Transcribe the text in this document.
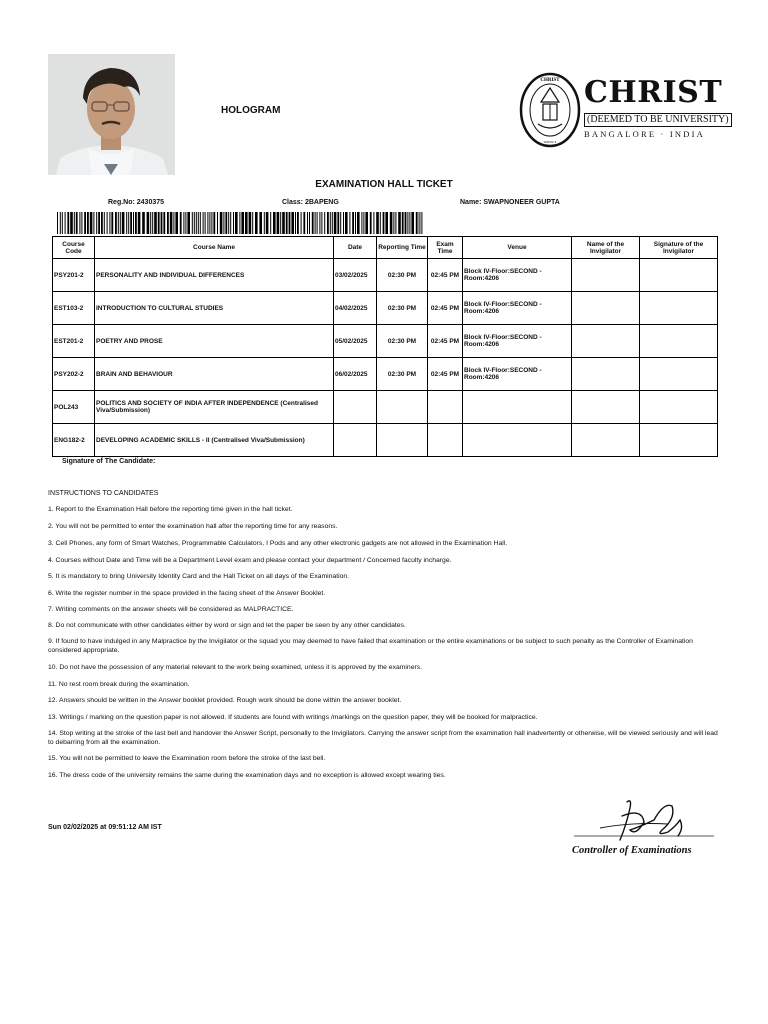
HOLOGRAM
CHRIST
SERVICE
CHRIST
(DEEMED TO BE UNIVERSITY)
BANGALORE · INDIA
EXAMINATION HALL TICKET
Reg.No: 2430375	Class: 2BAPENG	Name: SWAPNONEER GUPTA
Course Code	Course Name	Date	Reporting Time	Exam Time	Venue	Name of the Invigilator	Signature of the Invigilator
PSY201-2	PERSONALITY AND INDIVIDUAL DIFFERENCES	03/02/2025	02:30 PM	02:45 PM	Block IV-Floor:SECOND - Room:4206		
EST103-2	INTRODUCTION TO CULTURAL STUDIES	04/02/2025	02:30 PM	02:45 PM	Block IV-Floor:SECOND - Room:4206		
EST201-2	POETRY AND PROSE	05/02/2025	02:30 PM	02:45 PM	Block IV-Floor:SECOND - Room:4206		
PSY202-2	BRAIN AND BEHAVIOUR	06/02/2025	02:30 PM	02:45 PM	Block IV-Floor:SECOND - Room:4206		
POL243	POLITICS AND SOCIETY OF INDIA AFTER INDEPENDENCE (Centralised Viva/Submission)						
ENG182-2	DEVELOPING ACADEMIC SKILLS - II (Centralised Viva/Submission)						
Signature of The Candidate:
INSTRUCTIONS TO CANDIDATES
1. Report to the Examination Hall before the reporting time given in the hall ticket.
2. You will not be permitted to enter the examination hall after the reporting time for any reasons.
3. Cell Phones, any form of Smart Watches, Programmable Calculators, I Pods and any other electronic gadgets are not allowed in the Examination Hall.
4. Courses without Date and Time will be a Department Level exam and please contact your department / Concerned faculty incharge.
5. It is mandatory to bring University Identity Card and the Hall Ticket on all days of the Examination.
6. Write the register number in the space provided in the facing sheet of the Answer Booklet.
7. Writing comments on the answer sheets will be considered as MALPRACTICE.
8. Do not communicate with other candidates either by word or sign and let the paper be seen by any other candidates.
9. If found to have indulged in any Malpractice by the Invigilator or the squad you may deemed to have failed that examination or the entire examinations or be subject to such penalty as the Controller of Examination considered appropriate.
10. Do not have the possession of any material relevant to the work being examined, unless it is approved by the examiners.
11. No rest room break during the examination.
12. Answers should be written in the Answer booklet provided. Rough work should be done within the answer booklet.
13. Writings / marking on the question paper is not allowed. If students are found with writings /markings on the question paper, they will be booked for malpractice.
14. Stop writing at the stroke of the last bell and handover the Answer Script, personally to the Invigilators. Carrying the answer script from the examination hall inadvertently or otherwise, will be viewed seriously and will lead to debarring from all the examination.
15. You will not be permitted to leave the Examination room before the stroke of the last bell.
16. The dress code of the university remains the same during the examination days and no exception is allowed except wearing ties.
Sun 02/02/2025 at 09:51:12 AM IST
Controller of Examinations
